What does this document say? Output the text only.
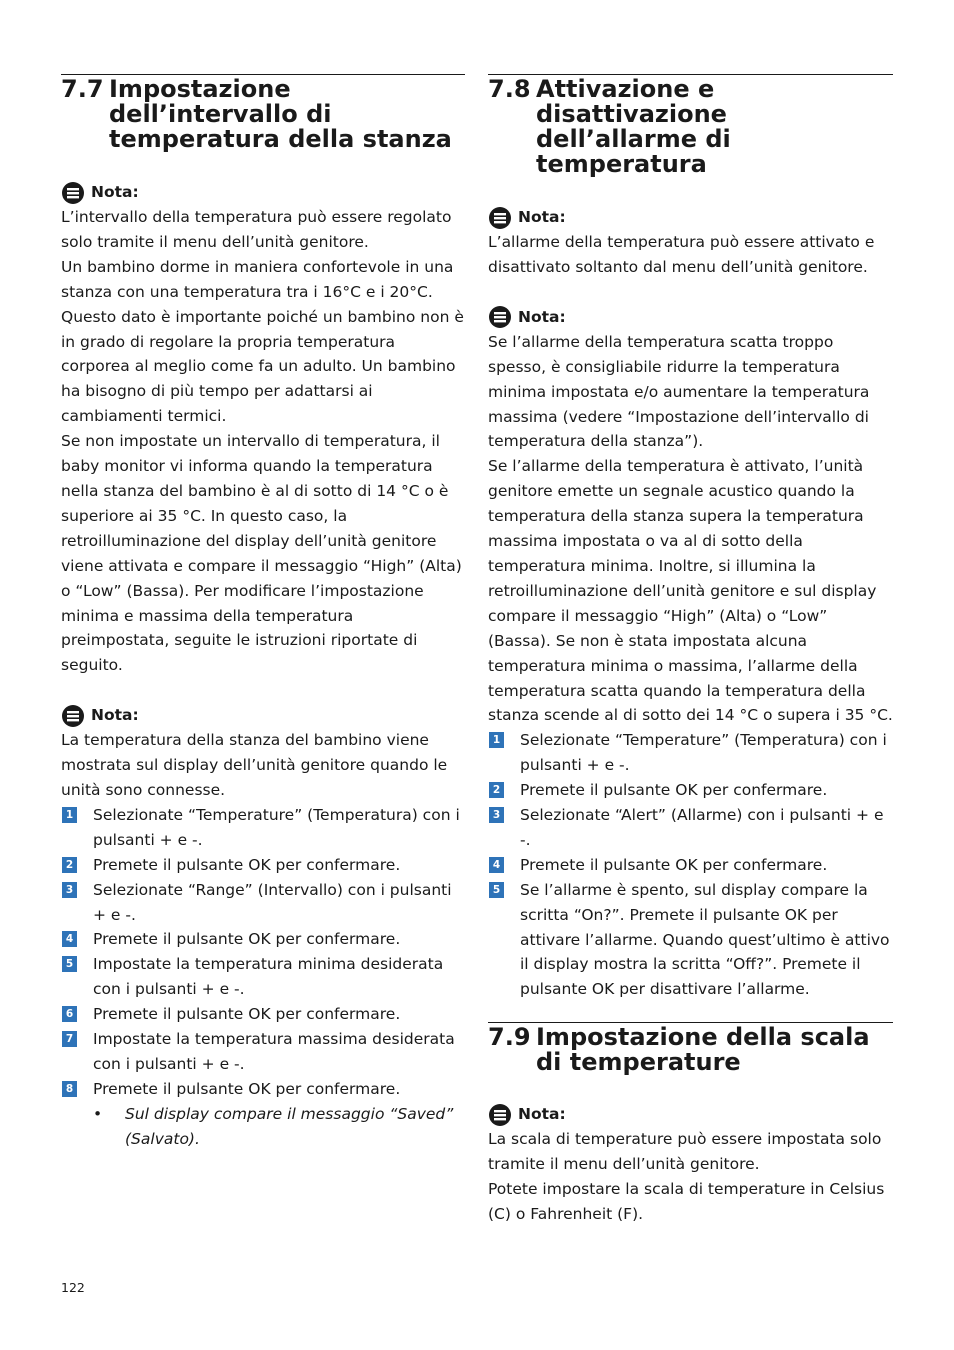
7.7 Impostazione dell’intervallo di temperatura della stanza
Nota:

L’intervallo della temperatura può essere regolato solo tramite il menu dell’unità genitore.

Un bambino dorme in maniera confortevole in una stanza con una temperatura tra i 16°C e i 20°C. Questo dato è importante poiché un bambino non è in grado di regolare la propria temperatura corporea al meglio come fa un adulto. Un bambino ha bisogno di più tempo per adattarsi ai cambiamenti termici.

Se non impostate un intervallo di temperatura, il baby monitor vi informa quando la temperatura nella stanza del bambino è al di sotto di 14 °C o è superiore ai 35 °C. In questo caso, la retroilluminazione del display dell’unità genitore viene attivata e compare il messaggio “High” (Alta) o “Low” (Bassa). Per modificare l’impostazione minima e massima della temperatura preimpostata, seguite le istruzioni riportate di seguito.

Nota:

La temperatura della stanza del bambino viene mostrata sul display dell’unità genitore quando le unità sono connesse.

1 Selezionate “Temperature” (Temperatura) con i pulsanti + e -.
2 Premete il pulsante OK per confermare.
3 Selezionate “Range” (Intervallo) con i pulsanti + e -.
4 Premete il pulsante OK per confermare.
5 Impostate la temperatura minima desiderata con i pulsanti + e -.
6 Premete il pulsante OK per confermare.
7 Impostate la temperatura massima desiderata con i pulsanti + e -.
8 Premete il pulsante OK per confermare.
•	Sul display compare il messaggio “Saved” (Salvato).
7.8 Attivazione e disattivazione dell’allarme di temperatura
Nota:

L’allarme della temperatura può essere attivato e disattivato soltanto dal menu dell’unità genitore.

Nota:

Se l’allarme della temperatura scatta troppo spesso, è consigliabile ridurre la temperatura minima impostata e/o aumentare la temperatura massima (vedere “Impostazione dell’intervallo di temperatura della stanza”).

Se l’allarme della temperatura è attivato, l’unità genitore emette un segnale acustico quando la temperatura della stanza supera la temperatura massima impostata o va al di sotto della temperatura minima. Inoltre, si illumina la retroilluminazione dell’unità genitore e sul display compare il messaggio “High” (Alta) o “Low” (Bassa). Se non è stata impostata alcuna temperatura minima o massima, l’allarme della temperatura scatta quando la temperatura della stanza scende al di sotto dei 14 °C o supera i 35 °C.

1 Selezionate “Temperature” (Temperatura) con i pulsanti + e -.
2 Premete il pulsante OK per confermare.
3 Selezionate “Alert” (Allarme) con i pulsanti + e -.
4 Premete il pulsante OK per confermare.
5 Se l’allarme è spento, sul display compare la scritta “On?”. Premete il pulsante OK per attivare l’allarme. Quando quest’ultimo è attivo il display mostra la scritta “Off?”. Premete il pulsante OK per disattivare l’allarme.
7.9 Impostazione della scala di temperature
Nota:

La scala di temperature può essere impostata solo tramite il menu dell’unità genitore.

Potete impostare la scala di temperature in Celsius (C) o Fahrenheit (F).

122
